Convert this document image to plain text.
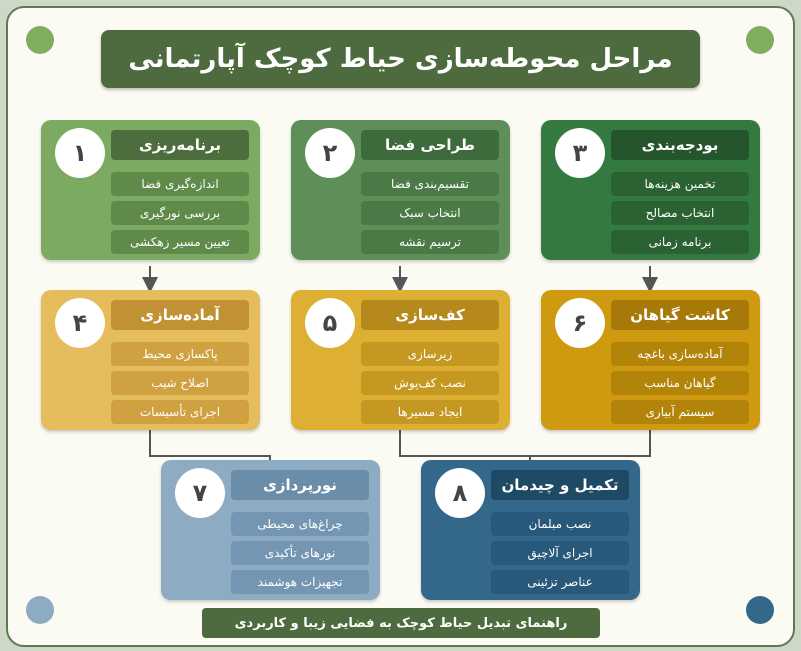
مراحل محوطه‌سازی حیاط کوچک آپارتمانی
۱	برنامه‌ریزی
اندازه‌گیری فضا
بررسی نورگیری
تعیین مسیر زهکشی
۲	طراحی فضا
تقسیم‌بندی فضا
انتخاب سبک
ترسیم نقشه
۳	بودجه‌بندی
تخمین هزینه‌ها
انتخاب مصالح
برنامه زمانی
۴	آماده‌سازی
پاکسازی محیط
اصلاح شیب
اجرای تأسیسات
۵	کف‌سازی
زیرسازی
نصب کف‌پوش
ایجاد مسیرها
۶	کاشت گیاهان
آماده‌سازی باغچه
گیاهان مناسب
سیستم آبیاری
۷	نورپردازی
چراغ‌های محیطی
نورهای تأکیدی
تجهیزات هوشمند
۸	تکمیل و چیدمان
نصب مبلمان
اجرای آلاچیق
عناصر تزئینی
راهنمای تبدیل حیاط کوچک به فضایی زیبا و کاربردی
